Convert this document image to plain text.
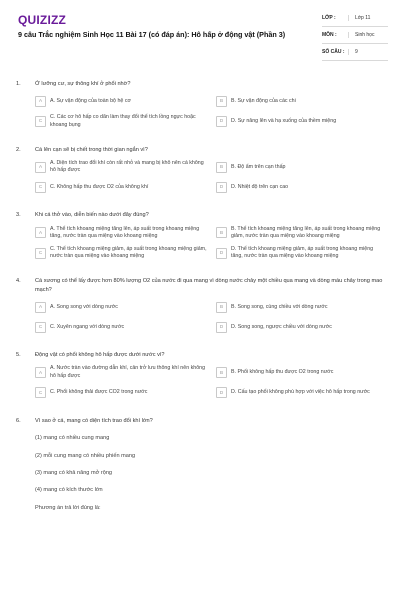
QUIZIZZ
9 câu Trắc nghiệm Sinh Học 11 Bài 17 (có đáp án): Hô hấp ở động vật (Phần 3)
LỚP :	Lớp 11
MÔN :	Sinh học
SỐ CÂU :	9
1.	Ở lưỡng cư, sự thông khí ở phổi nhờ?
A	A. Sự vận động của toàn bộ hệ cơ	B	B. Sự vận động của các chi
C
C. Các cơ hô hấp co dãn làm thay đổi thể tích lồng ngực hoặc khoang bụng
D	D. Sự nâng lên và hạ xuống của thềm miệng
2.	Cá lên cạn sẽ bị chết trong thời gian ngắn vì?
A
A. Diện tích trao đổi khí còn rất nhỏ và mang bị khô nên cá không hô hấp được
B	B. Độ ẩm trên cạn thấp
C	C. Không hấp thu được O2 của không khí	D	D. Nhiệt độ trên cạn cao
3.	Khi cá thở vào, diễn biến nào dưới đây đúng?
A
A. Thể tích khoang miệng tăng lên, áp suất trong khoang miệng tăng, nước tràn qua miệng vào khoang miệng
B
B. Thể tích khoang miệng tăng lên, áp suất trong khoang miệng giảm, nước tràn qua miệng vào khoang miệng
C
C. Thể tích khoang miệng giảm, áp suất trong khoang miệng giảm, nước tràn qua miệng vào khoang miệng
D
D. Thể tích khoang miệng giảm, áp suất trong khoang miệng tăng, nước tràn qua miệng vào khoang miệng
4.	Cá xương có thể lấy được hơn 80% lượng O2 của nước đi qua mang vì dòng nước chảy một chiều qua mang và dòng máu chảy trong mao mạch?
A	A. Song song với dòng nước	B	B. Song song, cùng chiều với dòng nước
C	C. Xuyên ngang với dòng nước	D	D. Song song, ngược chiều với dòng nước
5.	Động vật có phổi không hô hấp được dưới nước vì?
A
A. Nước tràn vào đường dẫn khí, cản trở lưu thông khí nên không hô hấp được
B	B. Phổi không hấp thu được O2 trong nước
C	C. Phổi không thải được CO2 trong nước	D	D. Cấu tạo phổi không phù hợp với việc hô hấp trong nước
6.	Vì sao ở cá, mang có diện tích trao đổi khí lớn?
(1) mang có nhiều cung mang
(2) mỗi cung mang có nhiều phiến mang
(3) mang có khả năng mở rộng
(4) mang có kích thước lớn
Phương án trả lời đúng là:
